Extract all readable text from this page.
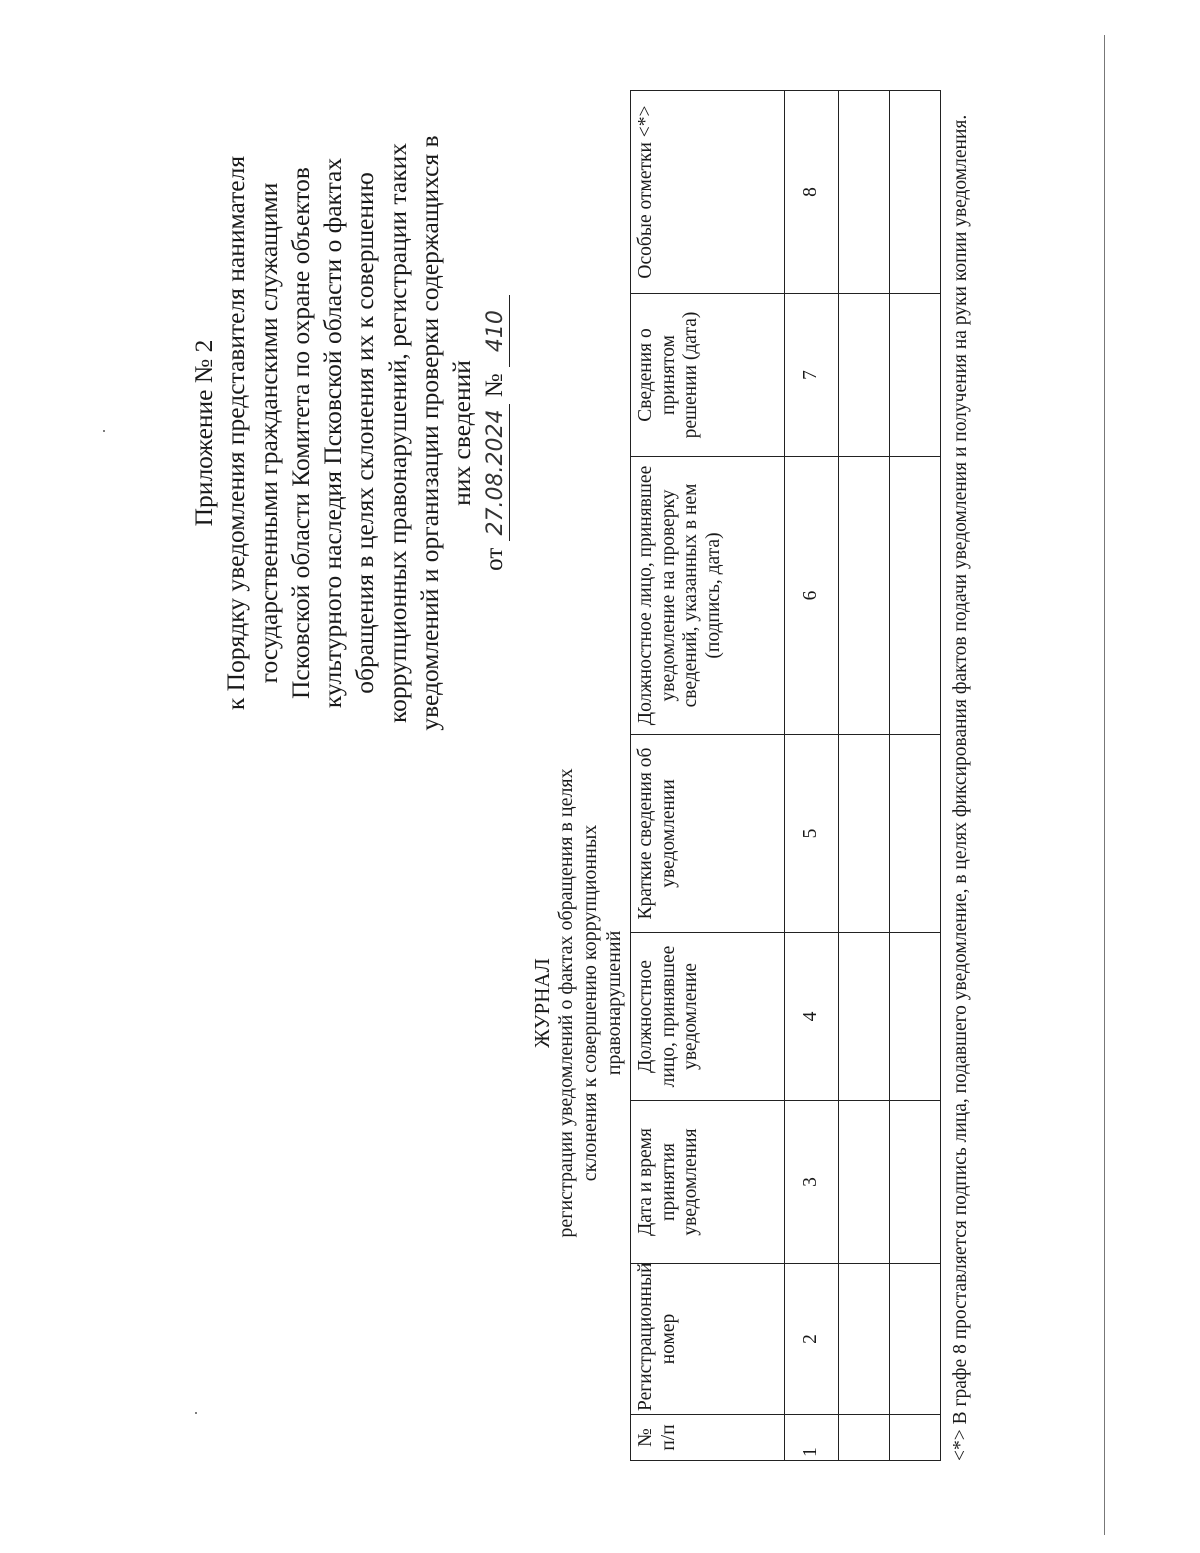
Приложение № 2 к Порядку уведомления представителя нанимателя государственными гражданскими служащими Псковской области Комитета по охране объектов культурного наследия Псковской области о фактах обращения в целях склонения их к совершению коррупционных правонарушений, регистрации таких уведомлений и организации проверки содержащихся в них сведений
от 27.08.2024 № 410
ЖУРНАЛ регистрации уведомлений о фактах обращения в целях склонения к совершению коррупционных правонарушений
№ п/п	Регистрационный номер	Дата и время принятия уведомления	Должностное лицо, принявшее уведомление	Краткие сведения об уведомлении	Должностное лицо, принявшее уведомление на проверку сведений, указанных в нем (подпись, дата)	Сведения о принятом решении (дата)	Особые отметки <*>
1	2	3	4	5	6	7	8

								<*> В графе 8 проставляется подпись лица, подавшего уведомление, в целях фиксирования фактов подачи уведомления и получения на руки копии уведомления.
